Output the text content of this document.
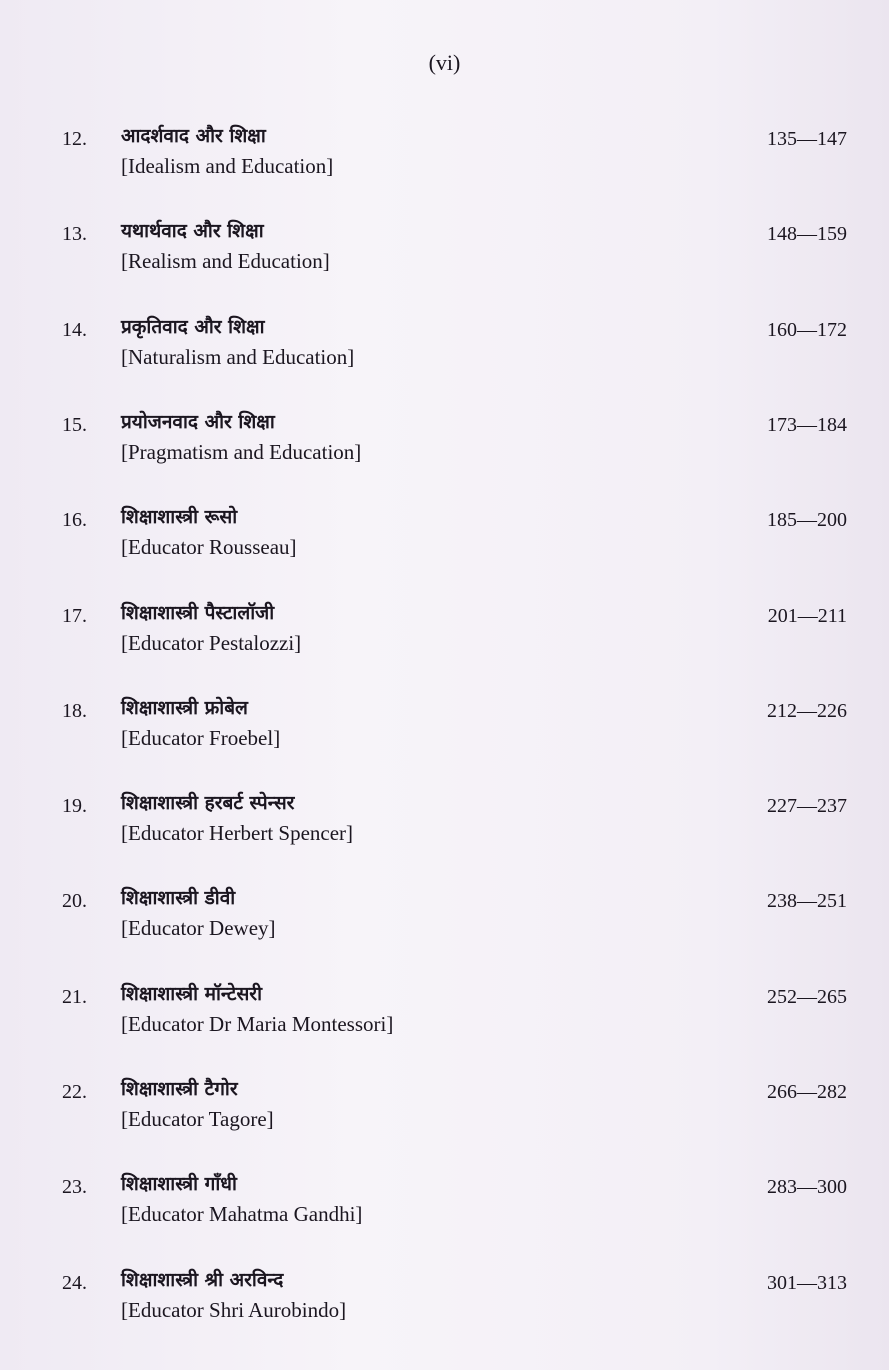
(vi)
12. आदर्शवाद और शिक्षा
[Idealism and Education]
135—147
13. यथार्थवाद और शिक्षा
[Realism and Education]
148—159
14. प्रकृतिवाद और शिक्षा
[Naturalism and Education]
160—172
15. प्रयोजनवाद और शिक्षा
[Pragmatism and Education]
173—184
16. शिक्षाशास्त्री रूसो
[Educator Rousseau]
185—200
17. शिक्षाशास्त्री पैस्टालॉजी
[Educator Pestalozzi]
201—211
18. शिक्षाशास्त्री फ्रोबेल
[Educator Froebel]
212—226
19. शिक्षाशास्त्री हरबर्ट स्पेन्सर
[Educator Herbert Spencer]
227—237
20. शिक्षाशास्त्री डीवी
[Educator Dewey]
238—251
21. शिक्षाशास्त्री मॉन्टेसरी
[Educator Dr Maria Montessori]
252—265
22. शिक्षाशास्त्री टैगोर
[Educator Tagore]
266—282
23. शिक्षाशास्त्री गाँधी
[Educator Mahatma Gandhi]
283—300
24. शिक्षाशास्त्री श्री अरविन्द
[Educator Shri Aurobindo]
301—313
